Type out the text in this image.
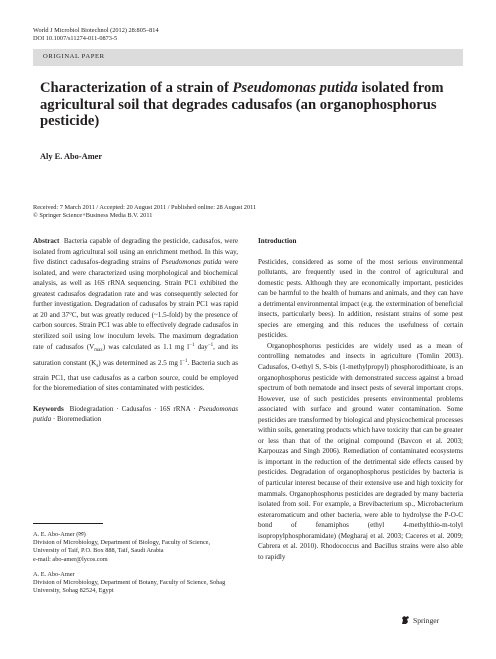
World J Microbiol Biotechnol (2012) 28:805–814
DOI 10.1007/s11274-011-0873-5
ORIGINAL PAPER
Characterization of a strain of Pseudomonas putida isolated from agricultural soil that degrades cadusafos (an organophosphorus pesticide)
Aly E. Abo-Amer
Received: 7 March 2011 / Accepted: 20 August 2011 / Published online: 28 August 2011
© Springer Science+Business Media B.V. 2011

Abstract Bacteria capable of degrading the pesticide, cadusafos, were isolated from agricultural soil using an enrichment method. In this way, five distinct cadusafos-degrading strains of Pseudomonas putida were isolated, and were characterized using morphological and biochemical analysis, as well as 16S rRNA sequencing. Strain PC1 exhibited the greatest cadusafos degradation rate and was consequently selected for further investigation. Degradation of cadusafos by strain PC1 was rapid at 20 and 37°C, but was greatly reduced (~1.5-fold) by the presence of carbon sources. Strain PC1 was able to effectively degrade cadusafos in sterilized soil using low inoculum levels. The maximum degradation rate of cadusafos $(V_{max})$ was calculated as 1.1 mg $l^{-1}$ day$^{-1}$, and its saturation constant $(K_s)$ was determined as 2.5 mg $l^{-1}$. Bacteria such as strain PC1, that use cadusafos as a carbon source, could be employed for the bioremediation of sites contaminated with pesticides.

Keywords Biodegradation · Cadusafos · 16S rRNA · Pseudomonas putida · Bioremediation

A. E. Abo-Amer (✉)
Division of Microbiology, Department of Biology, Faculty of Science, University of Taif, P.O. Box 888, Taif, Saudi Arabia
e-mail: abo-amer@lycos.com
A. E. Abo-Amer
Division of Microbiology, Department of Botany, Faculty of Science, Sohag University, Sohag 82524, Egypt

Introduction

Pesticides, considered as some of the most serious environmental pollutants, are frequently used in the control of agricultural and domestic pests. Although they are economically important, pesticides can be harmful to the health of humans and animals, and they can have a detrimental environmental impact (e.g. the extermination of beneficial insects, particularly bees). In addition, resistant strains of some pest species are emerging and this reduces the usefulness of certain pesticides.

Organophosphorus pesticides are widely used as a mean of controlling nematodes and insects in agriculture (Tomlin 2003). Cadusafos, O-ethyl S, S-bis (1-methylpropyl) phosphorodithioate, is an organophosphorus pesticide with demonstrated success against a broad spectrum of both nematode and insect pests of several important crops. However, use of such pesticides presents environmental problems associated with surface and ground water contamination. Some pesticides are transformed by biological and physicochemical processes within soils, generating products which have toxicity that can be greater or less than that of the original compound (Bavcon et al. 2003; Karpouzas and Singh 2006). Remediation of contaminated ecosystems is important in the reduction of the detrimental side effects caused by pesticides. Degradation of organophosphorus pesticides by bacteria is of particular interest because of their extensive use and high toxicity for mammals. Organophosphorus pesticides are degraded by many bacteria isolated from soil. For example, a Brevibacterium sp., Microbacterium esteraromaticum and other bacteria, were able to hydrolyse the P-O-C bond of fenamiphos (ethyl 4-methylthio-m-tolyl isopropylphosphoramidate) (Megharaj et al. 2003; Caceres et al. 2009; Cabrera et al. 2010). Rhodococcus and Bacillus strains were also able to rapidly

Springer
